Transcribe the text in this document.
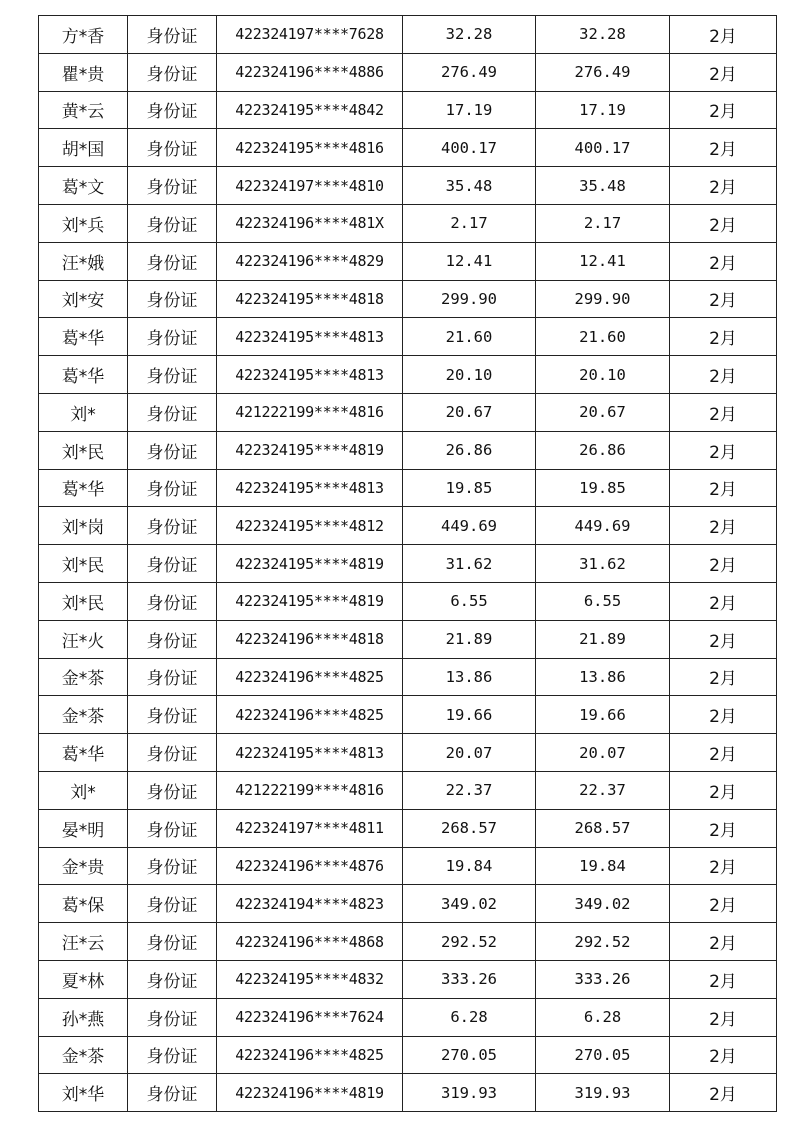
方*香	身份证	422324197****7628	32.28	32.28	2月
瞿*贵	身份证	422324196****4886	276.49	276.49	2月
黄*云	身份证	422324195****4842	17.19	17.19	2月
胡*国	身份证	422324195****4816	400.17	400.17	2月
葛*文	身份证	422324197****4810	35.48	35.48	2月
刘*兵	身份证	422324196****481X	2.17	2.17	2月
汪*娥	身份证	422324196****4829	12.41	12.41	2月
刘*安	身份证	422324195****4818	299.90	299.90	2月
葛*华	身份证	422324195****4813	21.60	21.60	2月
葛*华	身份证	422324195****4813	20.10	20.10	2月
刘*	身份证	421222199****4816	20.67	20.67	2月
刘*民	身份证	422324195****4819	26.86	26.86	2月
葛*华	身份证	422324195****4813	19.85	19.85	2月
刘*岗	身份证	422324195****4812	449.69	449.69	2月
刘*民	身份证	422324195****4819	31.62	31.62	2月
刘*民	身份证	422324195****4819	6.55	6.55	2月
汪*火	身份证	422324196****4818	21.89	21.89	2月
金*茶	身份证	422324196****4825	13.86	13.86	2月
金*茶	身份证	422324196****4825	19.66	19.66	2月
葛*华	身份证	422324195****4813	20.07	20.07	2月
刘*	身份证	421222199****4816	22.37	22.37	2月
晏*明	身份证	422324197****4811	268.57	268.57	2月
金*贵	身份证	422324196****4876	19.84	19.84	2月
葛*保	身份证	422324194****4823	349.02	349.02	2月
汪*云	身份证	422324196****4868	292.52	292.52	2月
夏*林	身份证	422324195****4832	333.26	333.26	2月
孙*燕	身份证	422324196****7624	6.28	6.28	2月
金*茶	身份证	422324196****4825	270.05	270.05	2月
刘*华	身份证	422324196****4819	319.93	319.93	2月
